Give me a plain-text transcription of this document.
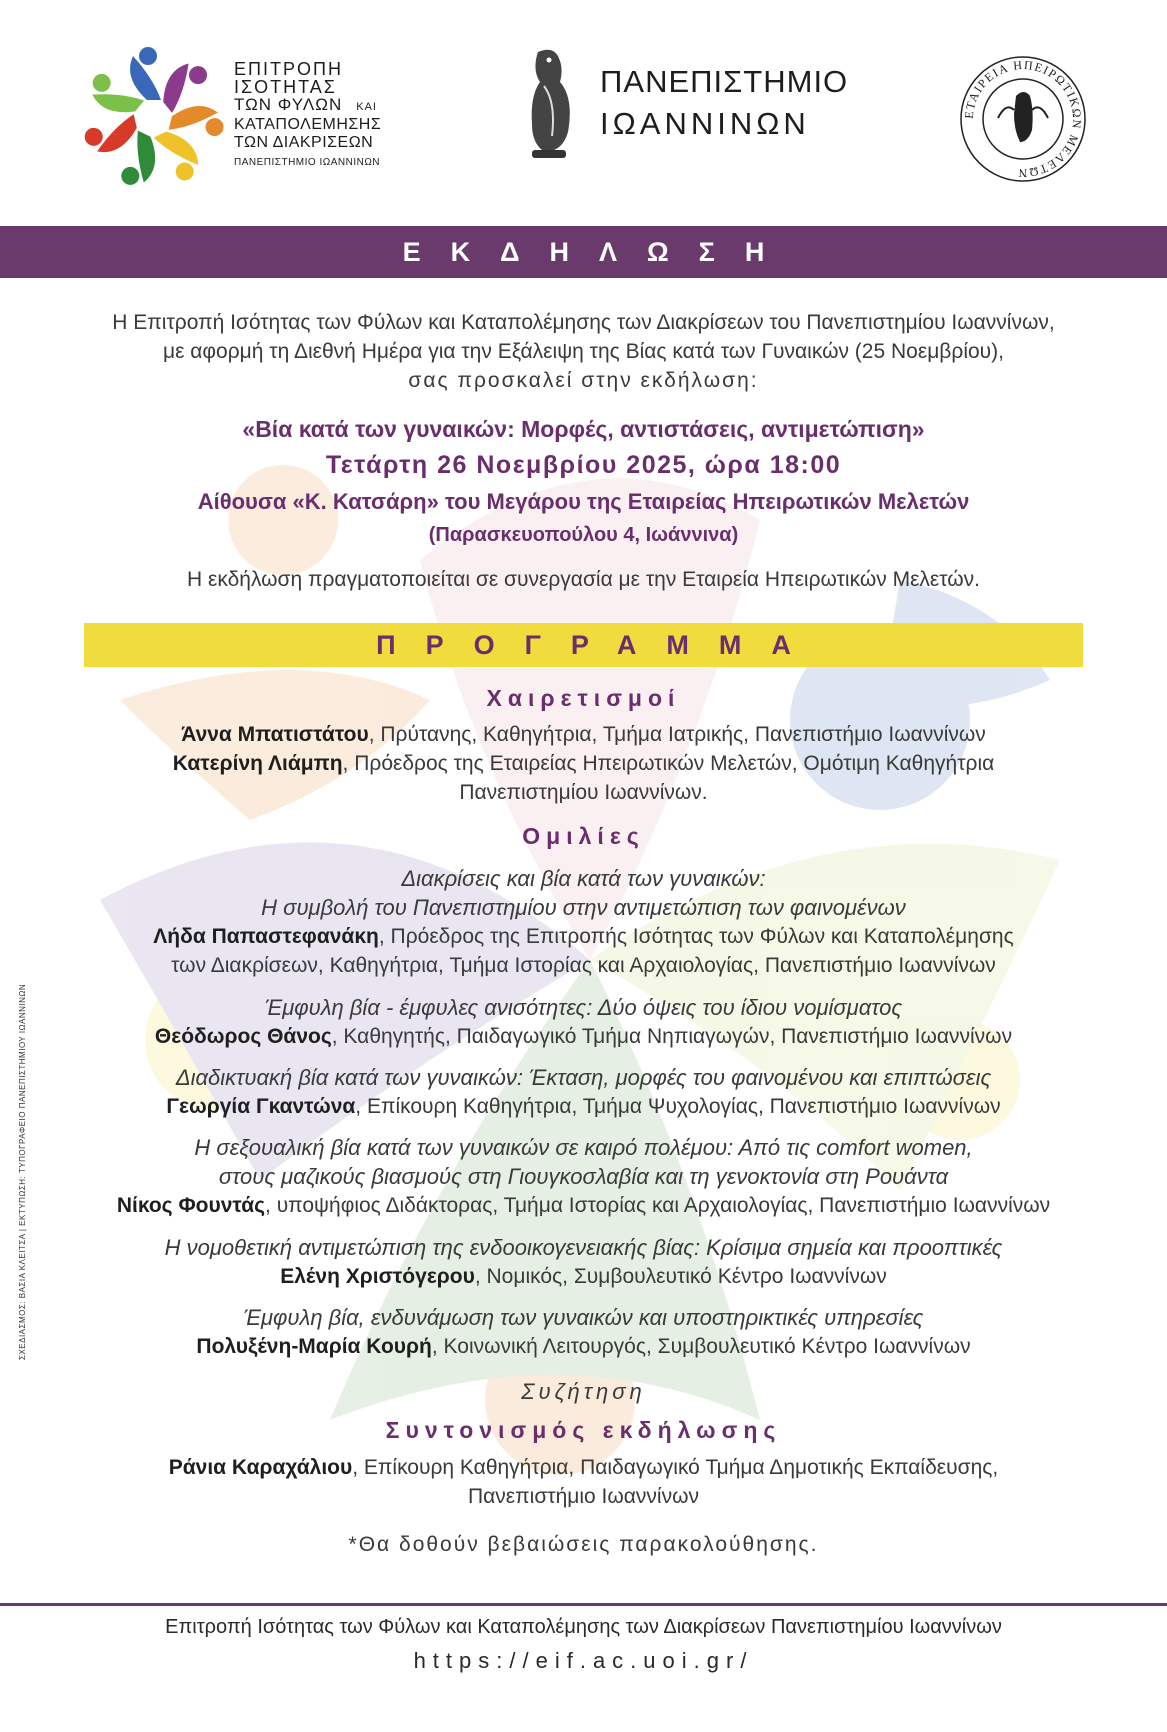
ΕΠΙΤΡΟΠΗ
ΙΣΟΤΗΤΑΣ
ΤΩΝ ΦΥΛΩΝ ΚΑΙ
ΚΑΤΑΠΟΛΕΜΗΣΗΣ
ΤΩΝ ΔΙΑΚΡΙΣΕΩΝ
ΠΑΝΕΠΙΣΤΗΜΙΟ ΙΩΑΝΝΙΝΩΝ
ΠΑΝΕΠΙΣΤΗΜΙΟ
ΙΩΑΝΝΙΝΩΝ	ΕΤΑΙΡΕΙΑ ΗΠΕΙΡΩΤΙΚΩΝ ΜΕΛΕΤΩΝ
ΕΚΔΗΛΩΣΗ
Η Επιτροπή Ισότητας των Φύλων και Καταπολέμησης των Διακρίσεων του Πανεπιστημίου Ιωαννίνων,
με αφορμή τη Διεθνή Ημέρα για την Εξάλειψη της Βίας κατά των Γυναικών (25 Νοεμβρίου),
σας προσκαλεί στην εκδήλωση:
«Βία κατά των γυναικών: Μορφές, αντιστάσεις, αντιμετώπιση»
Τετάρτη 26 Νοεμβρίου 2025, ώρα 18:00
Αίθουσα «Κ. Κατσάρη» του Μεγάρου της Εταιρείας Ηπειρωτικών Μελετών
(Παρασκευοπούλου 4, Ιωάννινα)
Η εκδήλωση πραγματοποιείται σε συνεργασία με την Εταιρεία Ηπειρωτικών Μελετών.
ΠΡΟΓΡΑΜΜΑ
Χαιρετισμοί
Άννα Μπατιστάτου, Πρύτανης, Καθηγήτρια, Τμήμα Ιατρικής, Πανεπιστήμιο Ιωαννίνων
Κατερίνη Λιάμπη, Πρόεδρος της Εταιρείας Ηπειρωτικών Μελετών, Ομότιμη Καθηγήτρια
Πανεπιστημίου Ιωαννίνων.
Ομιλίες
Διακρίσεις και βία κατά των γυναικών:
Η συμβολή του Πανεπιστημίου στην αντιμετώπιση των φαινομένων
Λήδα Παπαστεφανάκη, Πρόεδρος της Επιτροπής Ισότητας των Φύλων και Καταπολέμησης
των Διακρίσεων, Καθηγήτρια, Τμήμα Ιστορίας και Αρχαιολογίας, Πανεπιστήμιο Ιωαννίνων
Έμφυλη βία - έμφυλες ανισότητες: Δύο όψεις του ίδιου νομίσματος
Θεόδωρος Θάνος, Καθηγητής, Παιδαγωγικό Τμήμα Νηπιαγωγών, Πανεπιστήμιο Ιωαννίνων
Διαδικτυακή βία κατά των γυναικών: Έκταση, μορφές του φαινομένου και επιπτώσεις
Γεωργία Γκαντώνα, Επίκουρη Καθηγήτρια, Τμήμα Ψυχολογίας, Πανεπιστήμιο Ιωαννίνων
Η σεξουαλική βία κατά των γυναικών σε καιρό πολέμου: Από τις comfort women,
στους μαζικούς βιασμούς στη Γιουγκοσλαβία και τη γενοκτονία στη Ρουάντα
Νίκος Φουντάς, υποψήφιος Διδάκτορας, Τμήμα Ιστορίας και Αρχαιολογίας, Πανεπιστήμιο Ιωαννίνων
Η νομοθετική αντιμετώπιση της ενδοοικογενειακής βίας: Κρίσιμα σημεία και προοπτικές
Ελένη Χριστόγερου, Νομικός, Συμβουλευτικό Κέντρο Ιωαννίνων
Έμφυλη βία, ενδυνάμωση των γυναικών και υποστηρικτικές υπηρεσίες
Πολυξένη-Μαρία Κουρή, Κοινωνική Λειτουργός, Συμβουλευτικό Κέντρο Ιωαννίνων
Συζήτηση
Συντονισμός εκδήλωσης
Ράνια Καραχάλιου, Επίκουρη Καθηγήτρια, Παιδαγωγικό Τμήμα Δημοτικής Εκπαίδευσης,
Πανεπιστήμιο Ιωαννίνων
*Θα δοθούν βεβαιώσεις παρακολούθησης.
ΣΧΕΔΙΑΣΜΟΣ: ΒΑΣΙΑ ΚΛΕΙΤΣΑ | ΕΚΤΥΠΩΣΗ: ΤΥΠΟΓΡΑΦΕΙΟ ΠΑΝΕΠΙΣΤΗΜΙΟΥ ΙΩΑΝΝΙΝΩΝ
Επιτροπή Ισότητας των Φύλων και Καταπολέμησης των Διακρίσεων Πανεπιστημίου Ιωαννίνων
https://eif.ac.uoi.gr/
